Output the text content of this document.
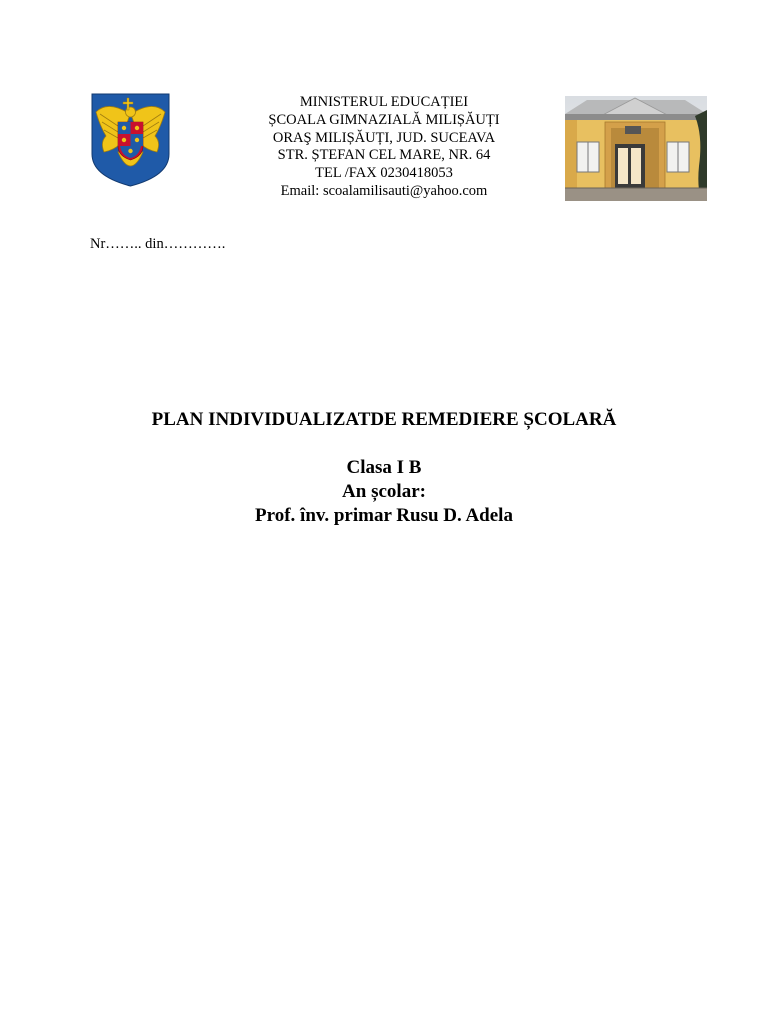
MINISTERUL EDUCAȚIEI
ȘCOALA GIMNAZIALĂ MILIȘĂUȚI
ORAŞ MILIȘĂUȚI, JUD. SUCEAVA
STR. ȘTEFAN CEL MARE, NR. 64
TEL /FAX 0230418053
Email: scoalamilisauti@yahoo.com
Nr…….. din………….
PLAN INDIVIDUALIZATDE REMEDIERE ȘCOLARĂ
Clasa I B
An școlar:
Prof. înv. primar Rusu D. Adela
